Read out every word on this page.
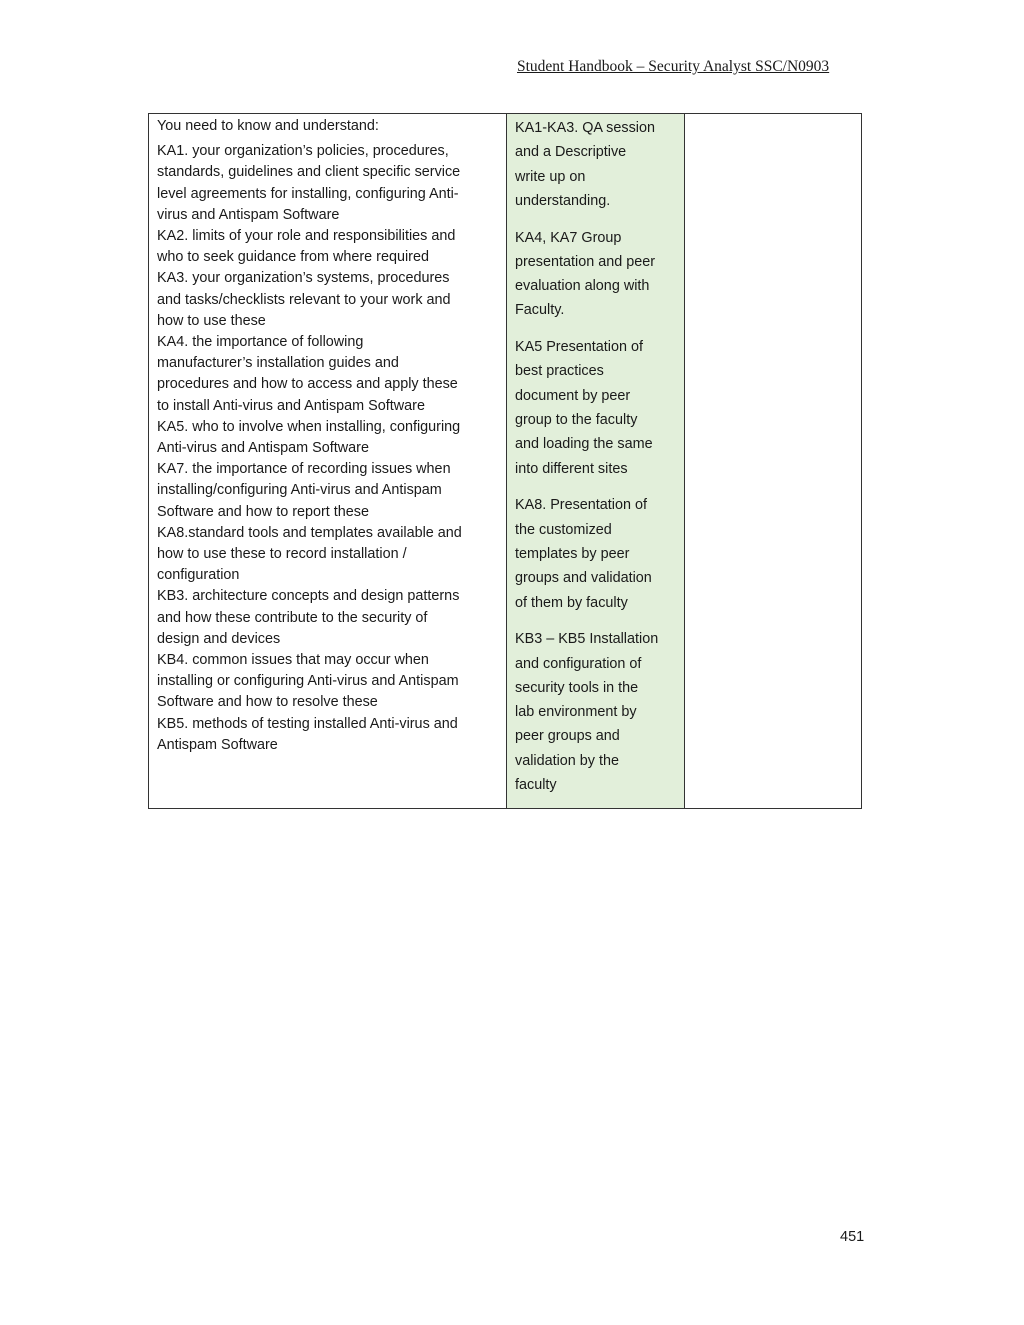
Student Handbook – Security Analyst SSC/N0903

You need to know and understand:

KA1. your organization’s policies, procedures,
standards, guidelines and client specific service
level agreements for installing, configuring Anti-
virus and Antispam Software

KA2. limits of your role and responsibilities and
who to seek guidance from where required

KA3. your organization’s systems, procedures
and tasks/checklists relevant to your work and
how to use these

KA4. the importance of following
manufacturer’s installation guides and
procedures and how to access and apply these
to install Anti-virus and Antispam Software

KA5. who to involve when installing, configuring
Anti-virus and Antispam Software

KA7. the importance of recording issues when
installing/configuring Anti-virus and Antispam
Software and how to report these

KA8.standard tools and templates available and
how to use these to record installation /
configuration

KB3. architecture concepts and design patterns
and how these contribute to the security of
design and devices

KB4. common issues that may occur when
installing or configuring Anti-virus and Antispam
Software and how to resolve these

KB5. methods of testing installed Anti-virus and
Antispam Software

KA1-KA3. QA session
and a Descriptive
write up on
understanding.

KA4, KA7 Group
presentation and peer
evaluation along with
Faculty.

KA5 Presentation of
best practices
document by peer
group to the faculty
and loading the same
into different sites

KA8. Presentation of
the customized
templates by peer
groups and validation
of them by faculty

KB3 – KB5 Installation
and configuration of
security tools in the
lab environment by
peer groups and
validation by the
faculty

451
